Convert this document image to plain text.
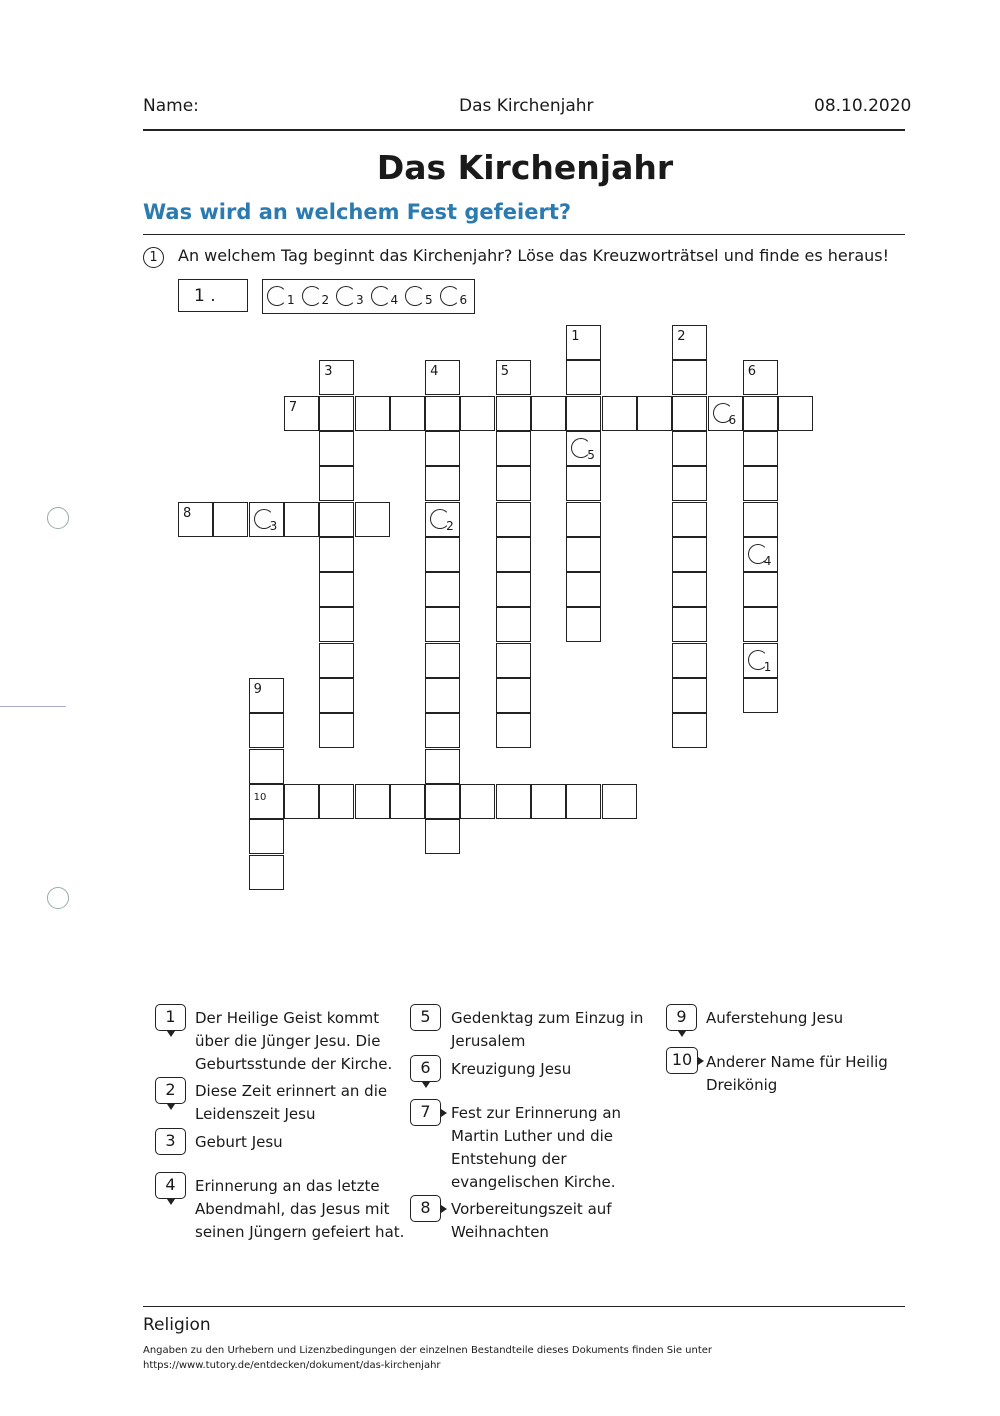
Name:	Das Kirchenjahr	08.10.2020
Das Kirchenjahr
Was wird an welchem Fest gefeiert?
1	An welchem Tag beginnt das Kirchenjahr? Löse das Kreuzworträtsel und finde es heraus!
1 .	1 2 3 4 5 6
1
5
2
3	4
2
5	6
4
1
7
6
8
3
9
10
1	Der Heilige Geist kommt über die Jünger Jesu. Die Geburtsstunde der Kirche.
2	Diese Zeit erinnert an die Leidenszeit Jesu
3	Geburt Jesu
4	Erinnerung an das letzte Abendmahl, das Jesus mit seinen Jüngern gefeiert hat.
5	Gedenktag zum Einzug in Jerusalem
6	Kreuzigung Jesu
7	Fest zur Erinnerung an Martin Luther und die Entstehung der evangelischen Kirche.
8	Vorbereitungszeit auf Weihnachten
9	Auferstehung Jesu
10 Anderer Name für Heilig Dreikönig
Religion
Angaben zu den Urhebern und Lizenzbedingungen der einzelnen Bestandteile dieses Dokuments finden Sie unter
https://www.tutory.de/entdecken/dokument/das-kirchenjahr
